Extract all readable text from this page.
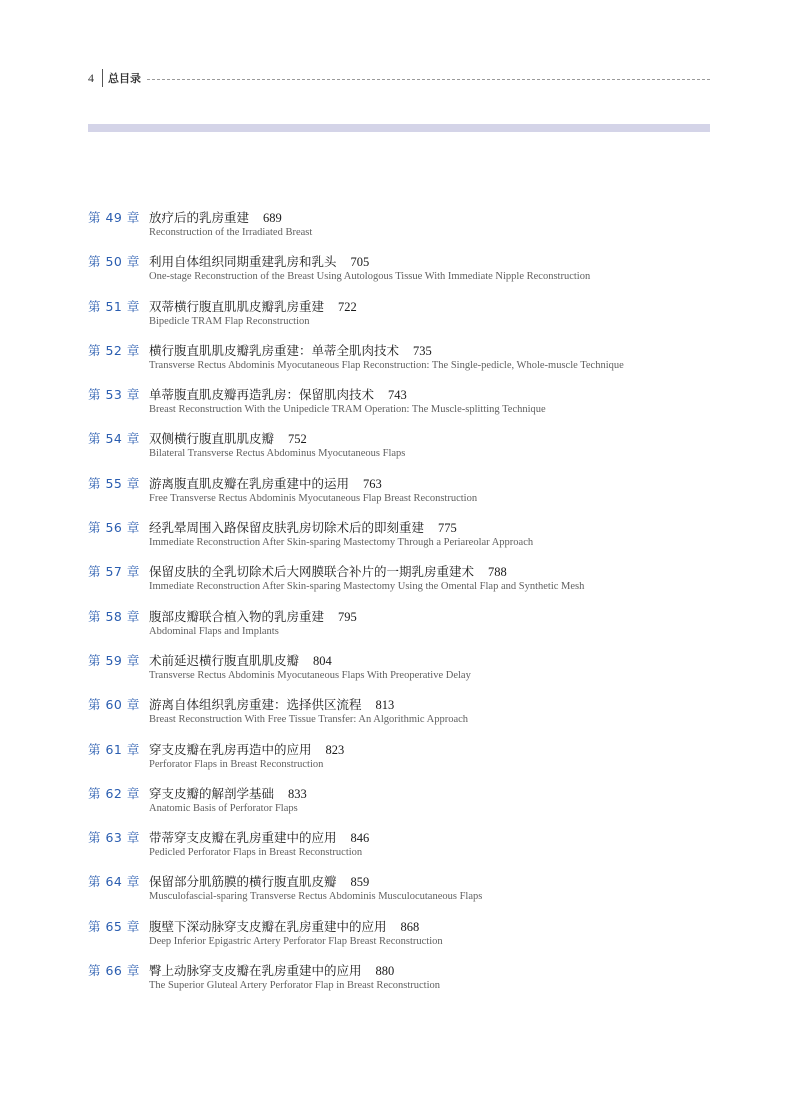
4	总目录
第 49 章 放疗后的乳房重建 689
Reconstruction of the Irradiated Breast
第 50 章 利用自体组织同期重建乳房和乳头 705
One-stage Reconstruction of the Breast Using Autologous Tissue With Immediate Nipple Reconstruction
第 51 章 双蒂横行腹直肌肌皮瓣乳房重建 722
Bipedicle TRAM Flap Reconstruction
第 52 章 横行腹直肌肌皮瓣乳房重建：单蒂全肌肉技术 735
Transverse Rectus Abdominis Myocutaneous Flap Reconstruction: The Single-pedicle, Whole-muscle Technique
第 53 章 单蒂腹直肌皮瓣再造乳房：保留肌肉技术 743
Breast Reconstruction With the Unipedicle TRAM Operation: The Muscle-splitting Technique
第 54 章 双侧横行腹直肌肌皮瓣 752
Bilateral Transverse Rectus Abdominus Myocutaneous Flaps
第 55 章 游离腹直肌皮瓣在乳房重建中的运用 763
Free Transverse Rectus Abdominis Myocutaneous Flap Breast Reconstruction
第 56 章 经乳晕周围入路保留皮肤乳房切除术后的即刻重建 775
Immediate Reconstruction After Skin-sparing Mastectomy Through a Periareolar Approach
第 57 章 保留皮肤的全乳切除术后大网膜联合补片的一期乳房重建术 788
Immediate Reconstruction After Skin-sparing Mastectomy Using the Omental Flap and Synthetic Mesh
第 58 章 腹部皮瓣联合植入物的乳房重建 795
Abdominal Flaps and Implants
第 59 章 术前延迟横行腹直肌肌皮瓣 804
Transverse Rectus Abdominis Myocutaneous Flaps With Preoperative Delay
第 60 章 游离自体组织乳房重建：选择供区流程 813
Breast Reconstruction With Free Tissue Transfer: An Algorithmic Approach
第 61 章 穿支皮瓣在乳房再造中的应用 823
Perforator Flaps in Breast Reconstruction
第 62 章 穿支皮瓣的解剖学基础 833
Anatomic Basis of Perforator Flaps
第 63 章 带蒂穿支皮瓣在乳房重建中的应用 846
Pedicled Perforator Flaps in Breast Reconstruction
第 64 章 保留部分肌筋膜的横行腹直肌皮瓣 859
Musculofascial-sparing Transverse Rectus Abdominis Musculocutaneous Flaps
第 65 章 腹壁下深动脉穿支皮瓣在乳房重建中的应用 868
Deep Inferior Epigastric Artery Perforator Flap Breast Reconstruction
第 66 章 臀上动脉穿支皮瓣在乳房重建中的应用 880
The Superior Gluteal Artery Perforator Flap in Breast Reconstruction
